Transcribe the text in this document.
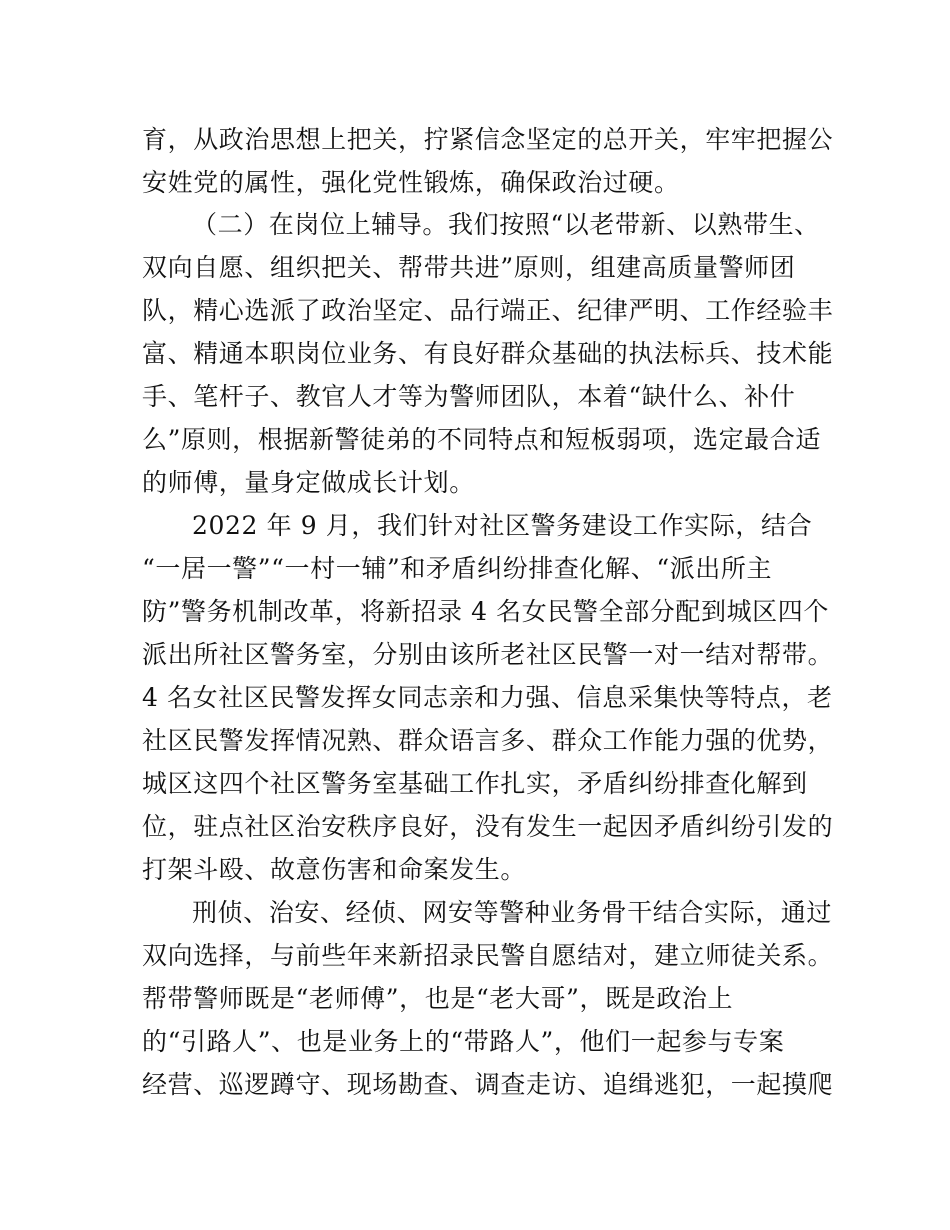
育，从政治思想上把关，拧紧信念坚定的总开关，牢牢把握公
安姓党的属性，强化党性锻炼，确保政治过硬。
（二）在岗位上辅导。我们按照“以老带新、以熟带生、
双向自愿、组织把关、帮带共进”原则，组建高质量警师团
队，精心选派了政治坚定、品行端正、纪律严明、工作经验丰
富、精通本职岗位业务、有良好群众基础的执法标兵、技术能
手、笔杆子、教官人才等为警师团队，本着“缺什么、补什
么”原则，根据新警徒弟的不同特点和短板弱项，选定最合适
的师傅，量身定做成长计划。
2022 年 9 月，我们针对社区警务建设工作实际，结合
“一居一警”“一村一辅”和矛盾纠纷排查化解、“派出所主
防”警务机制改革，将新招录 4 名女民警全部分配到城区四个
派出所社区警务室，分别由该所老社区民警一对一结对帮带。
4 名女社区民警发挥女同志亲和力强、信息采集快等特点，老
社区民警发挥情况熟、群众语言多、群众工作能力强的优势，
城区这四个社区警务室基础工作扎实，矛盾纠纷排查化解到
位，驻点社区治安秩序良好，没有发生一起因矛盾纠纷引发的
打架斗殴、故意伤害和命案发生。
刑侦、治安、经侦、网安等警种业务骨干结合实际，通过
双向选择，与前些年来新招录民警自愿结对，建立师徒关系。
帮带警师既是“老师傅”，也是“老大哥”，既是政治上
的“引路人”、也是业务上的“带路人”，他们一起参与专案
经营、巡逻蹲守、现场勘查、调查走访、追缉逃犯，一起摸爬
